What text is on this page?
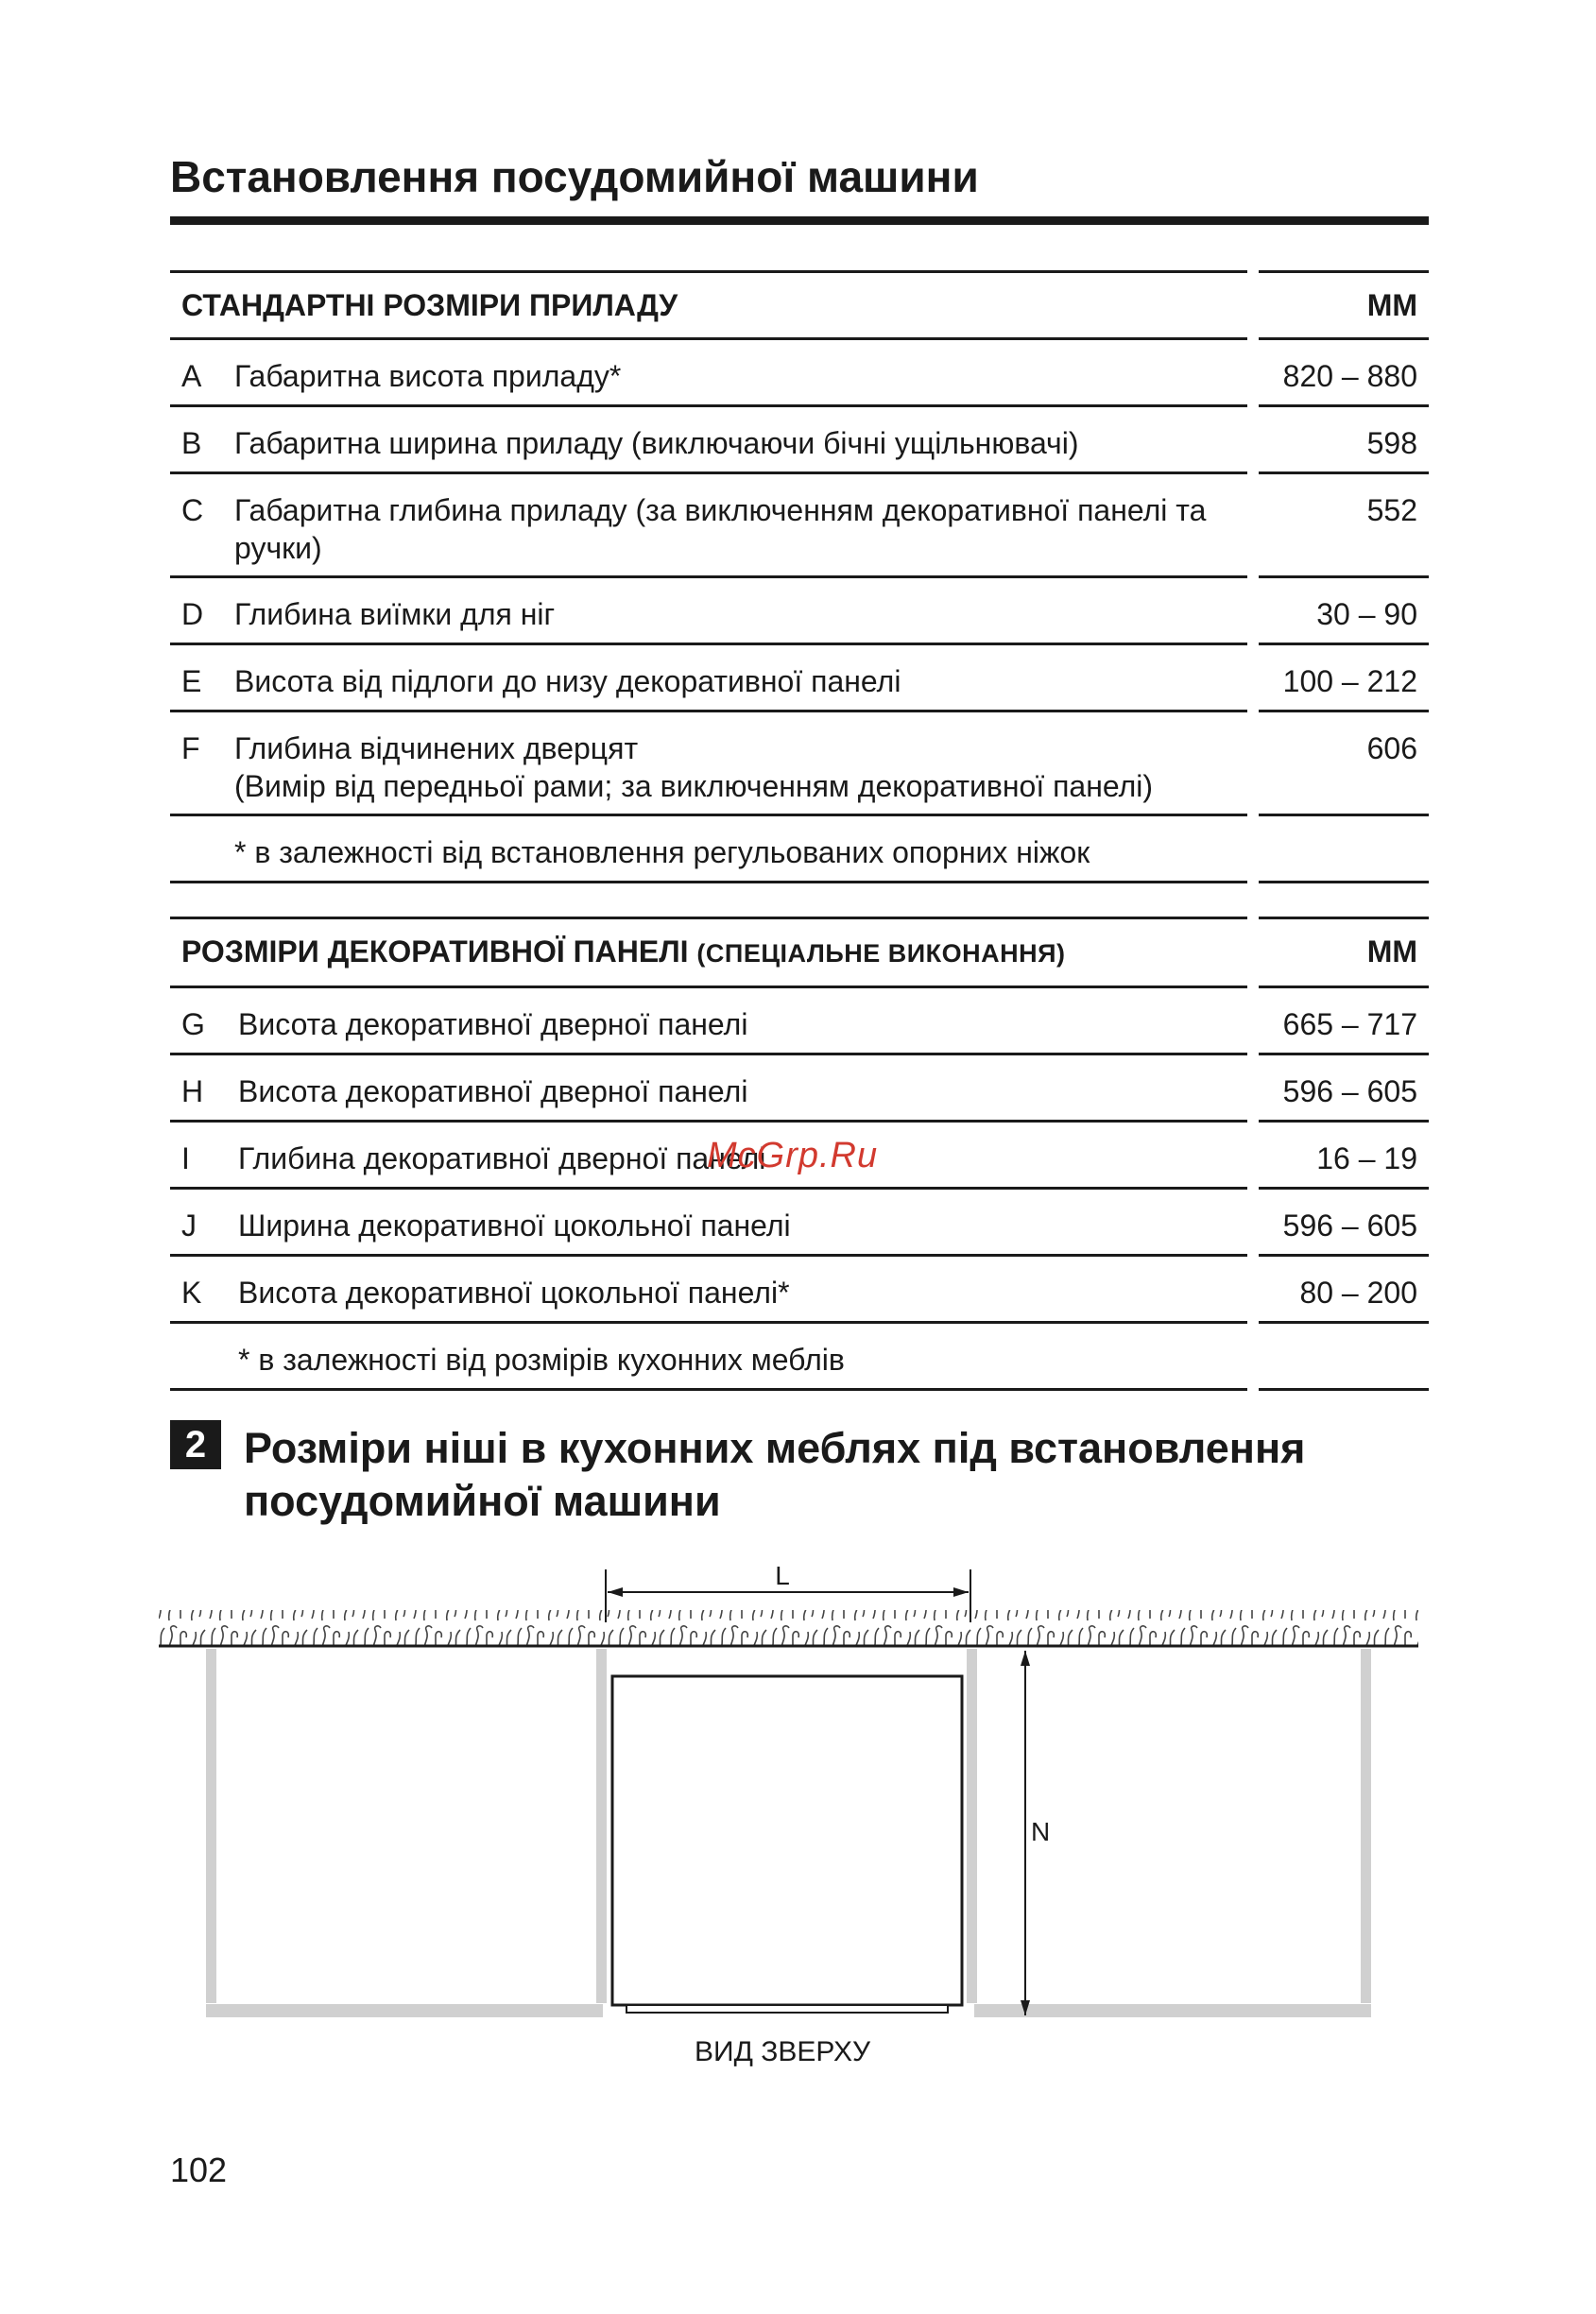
Встановлення посудомийної машини
СТАНДАРТНІ РОЗМІРИ ПРИЛАДУ		ММ

A Габаритна висота приладу*		820 – 880

B Габаритна ширина приладу (виключаючи бічні ущільнювачі)		598

C Габаритна глибина приладу (за виключенням декоративної панелі та ручки)		552

D Глибина виїмки для ніг		30 – 90

E Висота від підлоги до низу декоративної панелі		100 – 212

F Глибина відчинених дверцят
(Вимір від передньої рами; за виключенням декоративної панелі)		606

* в залежності від встановлення регульованих опорних ніжок		

РОЗМІРИ ДЕКОРАТИВНОЇ ПАНЕЛІ (СПЕЦІАЛЬНЕ ВИКОНАННЯ)		ММ

G Висота декоративної дверної панелі		665 – 717

H Висота декоративної дверної панелі		596 – 605

I Глибина декоративної дверної панелі		16 – 19

J Ширина декоративної цокольної панелі		596 – 605

K Висота декоративної цокольної панелі*		80 – 200

* в залежності від розмірів кухонних меблів		

McGrp.Ru
2 Розміри ніші в кухонних меблях під встановлення посудомийної машини
L
N
ВИД ЗВЕРХУ
102
